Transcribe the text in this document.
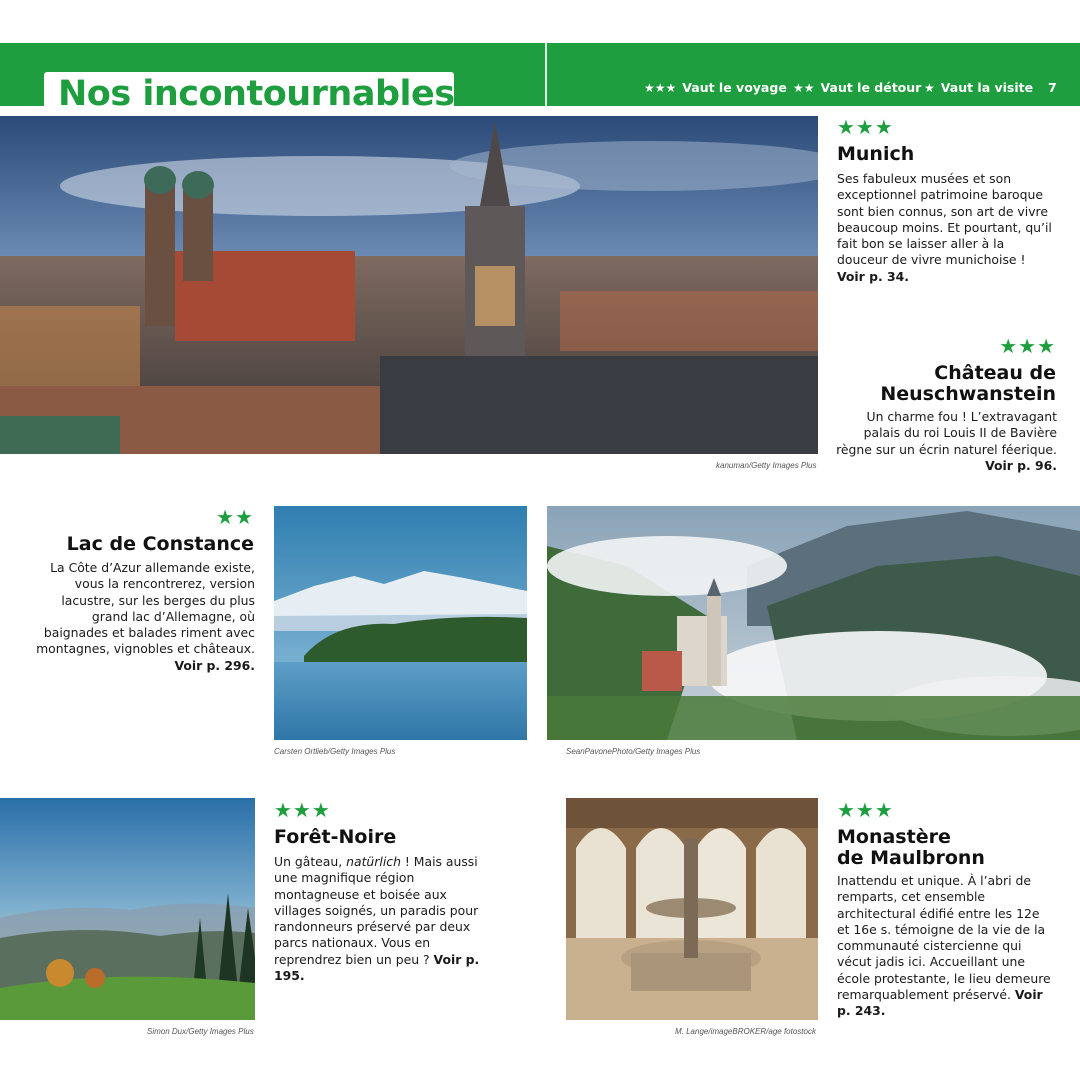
Nos incontournables	★★★ Vaut le voyage ★★ Vaut le détour ★ Vaut la visite 7
kanuman/Getty Images Plus
★★★
Munich
Ses fabuleux musées et son exceptionnel patrimoine baroque sont bien connus, son art de vivre beaucoup moins. Et pourtant, qu’il fait bon se laisser aller à la douceur de vivre munichoise ! Voir p. 34.
★★★
Château de
Neuschwanstein
Un charme fou ! L’extravagant palais du roi Louis II de Bavière règne sur un écrin naturel féerique. Voir p. 96.
★★
Lac de Constance
La Côte d’Azur allemande existe, vous la rencontrerez, version lacustre, sur les berges du plus grand lac d’Allemagne, où baignades et balades riment avec montagnes, vignobles et châteaux. Voir p. 296.
Carsten Ortlieb/Getty Images Plus	SeanPavonePhoto/Getty Images Plus
Simon Dux/Getty Images Plus
★★★
Forêt-Noire
Un gâteau, natürlich ! Mais aussi une magnifique région montagneuse et boisée aux villages soignés, un paradis pour randonneurs préservé par deux parcs nationaux. Vous en reprendrez bien un peu ? Voir p. 195.
M. Lange/imageBROKER/age fotostock
★★★
Monastère
de Maulbronn
Inattendu et unique. À l’abri de remparts, cet ensemble architectural édifié entre les 12e et 16e s. témoigne de la vie de la communauté cistercienne qui vécut jadis ici. Accueillant une école protestante, le lieu demeure remarquablement préservé. Voir p. 243.
